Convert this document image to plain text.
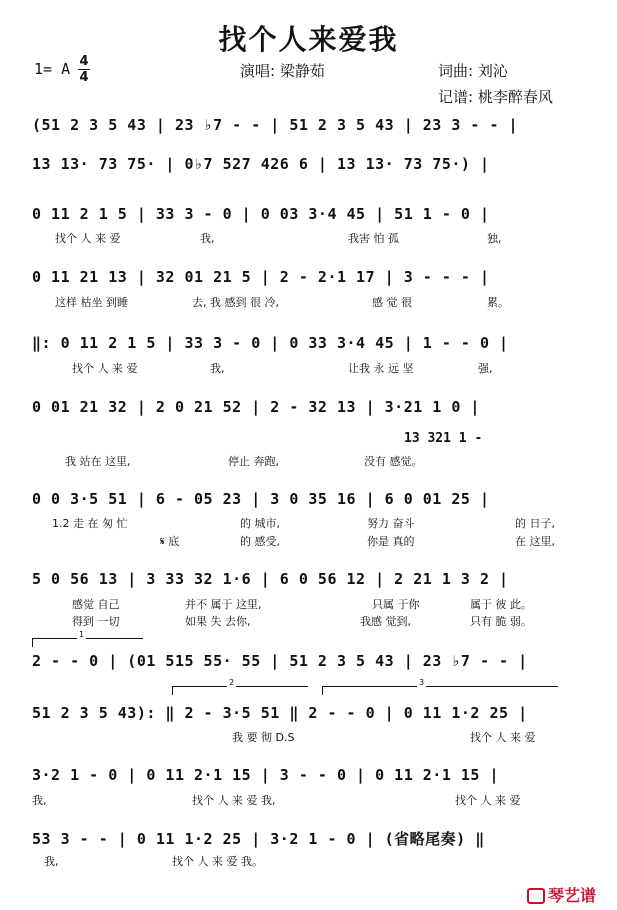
找个人来爱我
1= A 4
4	演唱: 梁静茹	词曲: 刘沁
记谱: 桃李醉春风
(51 2 3 5 43 | 23 ♭7 - - | 51 2 3 5 43 | 23 3 - - |
13 13· 73 75· | 0♭7 527 426 6 | 13 13· 73 75·) |
0 11 2 1 5 | 33 3 - 0 | 0 03 3·4 45 | 51 1 - 0 |
找个 人 来 爱	我,	我害 怕 孤	独,
0 11 21 13 | 32 01 21 5 | 2 - 2·1 17 | 3 - - - |
这样 枯坐 到睡	去, 我 感到 很 冷,	感 觉 很	累。
‖: 0 11 2 1 5 | 33 3 - 0 | 0 33 3·4 45 | 1 - - 0 |
找个 人 来 爱	我,	让我 永 远 坚	强,
0 01 21 32 | 2 0 21 52 | 2 - 32 13 | 3·21 1 0 |
13 321 1 -
我 站在 这里,	停止 奔跑,	没有 感觉。
0 0 3·5 51 | 6 - 05 23 | 3 0 35 16 | 6 0 01 25 |
1.2 走 在 匆 忙	的 城市,	努力 奋斗	的 日子,
𝄋 底	的 感受,	你是 真的	在 这里,
5 0 56 13 | 3 33 32 1·6 | 6 0 56 12 | 2 21 1 3 2 |
感觉 自己	并不 属于 这里,	只属 于你	属于 彼 此。
得到 一切	如果 失 去你,	我感 觉到,	只有 脆 弱。
1
2	3
2 - - 0 | (01 515 55· 55 | 51 2 3 5 43 | 23 ♭7 - - |
51 2 3 5 43): ‖ 2 - 3·5 51 ‖ 2 - - 0 | 0 11 1·2 25 |
我 要 彻 D.S	找个 人 来 爱
3·2 1 - 0 | 0 11 2·1 15 | 3 - - 0 | 0 11 2·1 15 |
我,	找个 人 来 爱 我,	找个 人 来 爱
53 3 - - | 0 11 1·2 25 | 3·2 1 - 0 | (省略尾奏) ‖
我,	找个 人 来 爱 我。
琴艺谱
